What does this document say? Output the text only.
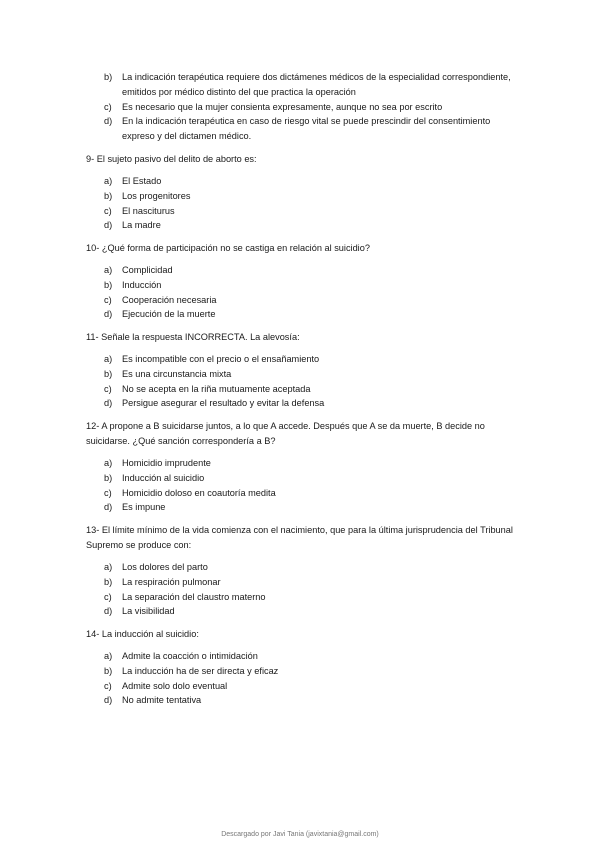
b)	La indicación terapéutica requiere dos dictámenes médicos de la especialidad correspondiente, emitidos por médico distinto del que practica la operación
c)	Es necesario que la mujer consienta expresamente, aunque no sea por escrito
d)	En la indicación terapéutica en caso de riesgo vital se puede prescindir del consentimiento expreso y del dictamen médico.
9- El sujeto pasivo del delito de aborto es:
a)	El Estado
b)	Los progenitores
c)	El nasciturus
d)	La madre
10- ¿Qué forma de participación no se castiga en relación al suicidio?
a)	Complicidad
b)	Inducción
c)	Cooperación necesaria
d)	Ejecución de la muerte
11- Señale la respuesta INCORRECTA. La alevosía:
a)	Es incompatible con el precio o el ensañamiento
b)	Es una circunstancia mixta
c)	No se acepta en la riña mutuamente aceptada
d)	Persigue asegurar el resultado y evitar la defensa
12- A propone a B suicidarse juntos, a lo que A accede. Después que A se da muerte, B decide no suicidarse. ¿Qué sanción correspondería a B?
a)	Homicidio imprudente
b)	Inducción al suicidio
c)	Homicidio doloso en coautoría medita
d)	Es impune
13- El límite mínimo de la vida comienza con el nacimiento, que para la última jurisprudencia del Tribunal Supremo se produce con:
a)	Los dolores del parto
b)	La respiración pulmonar
c)	La separación del claustro materno
d)	La visibilidad
14- La inducción al suicidio:
a)	Admite la coacción o intimidación
b)	La inducción ha de ser directa y eficaz
c)	Admite solo dolo eventual
d)	No admite tentativa
Descargado por Javi Tania (javixtania@gmail.com)
